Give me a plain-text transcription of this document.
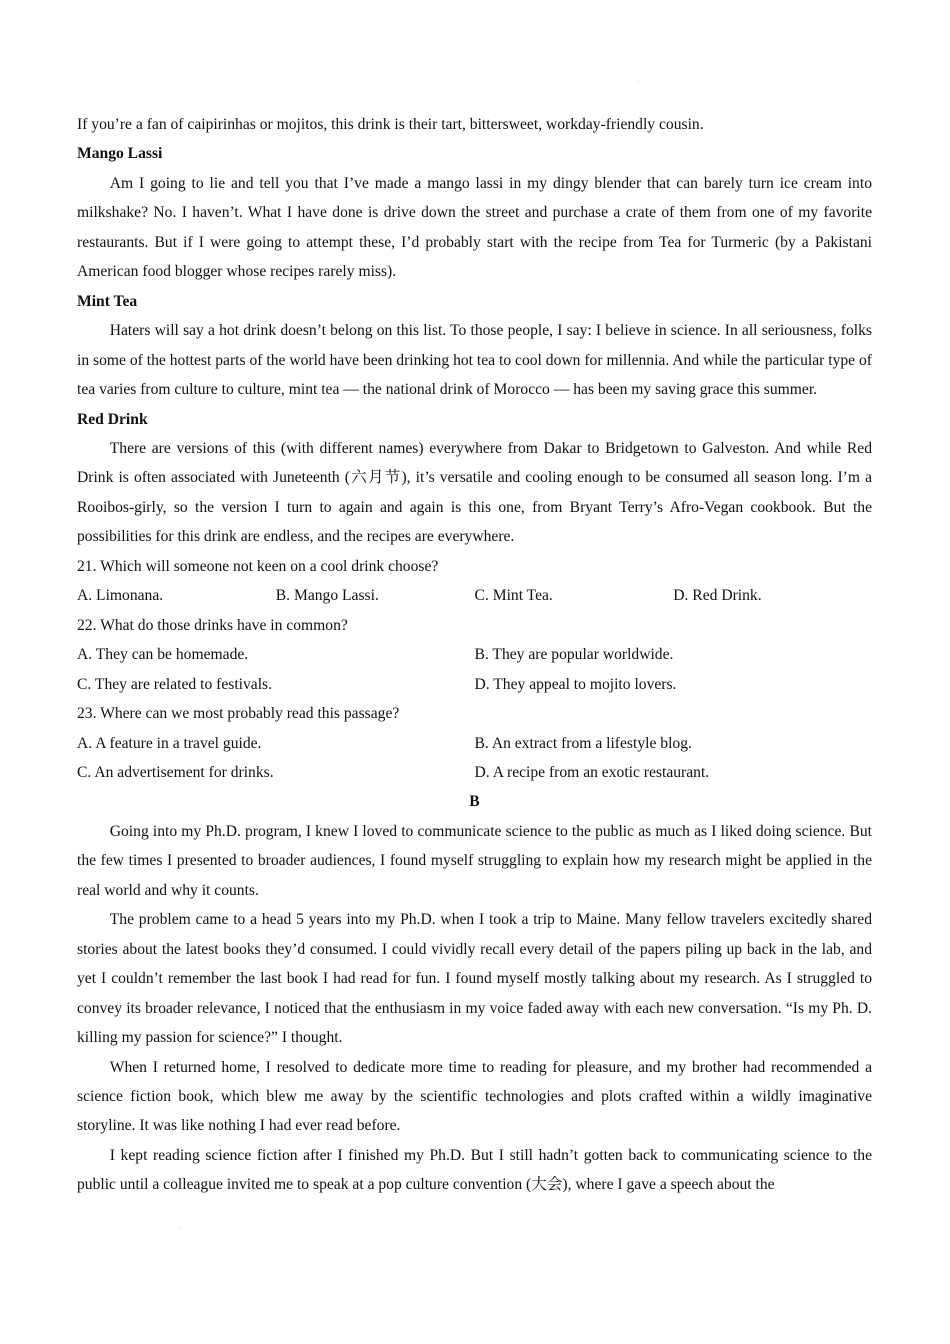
If you’re a fan of caipirinhas or mojitos, this drink is their tart, bittersweet, workday-friendly cousin.

Mango Lassi

Am I going to lie and tell you that I’ve made a mango lassi in my dingy blender that can barely turn ice cream into milkshake? No. I haven’t. What I have done is drive down the street and purchase a crate of them from one of my favorite restaurants. But if I were going to attempt these, I’d probably start with the recipe from Tea for Turmeric (by a Pakistani American food blogger whose recipes rarely miss).

Mint Tea

Haters will say a hot drink doesn’t belong on this list. To those people, I say: I believe in science. In all seriousness, folks in some of the hottest parts of the world have been drinking hot tea to cool down for millennia. And while the particular type of tea varies from culture to culture, mint tea — the national drink of Morocco — has been my saving grace this summer.

Red Drink

There are versions of this (with different names) everywhere from Dakar to Bridgetown to Galveston. And while Red Drink is often associated with Juneteenth (六月节), it’s versatile and cooling enough to be consumed all season long. I’m a Rooibos-girly, so the version I turn to again and again is this one, from Bryant Terry’s Afro-Vegan cookbook. But the possibilities for this drink are endless, and the recipes are everywhere.

21. Which will someone not keen on a cool drink choose?

A. Limonana.	B. Mango Lassi.	C. Mint Tea.	D. Red Drink.

22. What do those drinks have in common?

A. They can be homemade.	B. They are popular worldwide.
C. They are related to festivals.	D. They appeal to mojito lovers.

23. Where can we most probably read this passage?

A. A feature in a travel guide.	B. An extract from a lifestyle blog.
C. An advertisement for drinks.	D. A recipe from an exotic restaurant.

B

Going into my Ph.D. program, I knew I loved to communicate science to the public as much as I liked doing science. But the few times I presented to broader audiences, I found myself struggling to explain how my research might be applied in the real world and why it counts.

The problem came to a head 5 years into my Ph.D. when I took a trip to Maine. Many fellow travelers excitedly shared stories about the latest books they’d consumed. I could vividly recall every detail of the papers piling up back in the lab, and yet I couldn’t remember the last book I had read for fun. I found myself mostly talking about my research. As I struggled to convey its broader relevance, I noticed that the enthusiasm in my voice faded away with each new conversation. “Is my Ph. D. killing my passion for science?” I thought.

When I returned home, I resolved to dedicate more time to reading for pleasure, and my brother had recommended a science fiction book, which blew me away by the scientific technologies and plots crafted within a wildly imaginative storyline. It was like nothing I had ever read before.

I kept reading science fiction after I finished my Ph.D. But I still hadn’t gotten back to communicating science to the public until a colleague invited me to speak at a pop culture convention (大会), where I gave a speech about the
